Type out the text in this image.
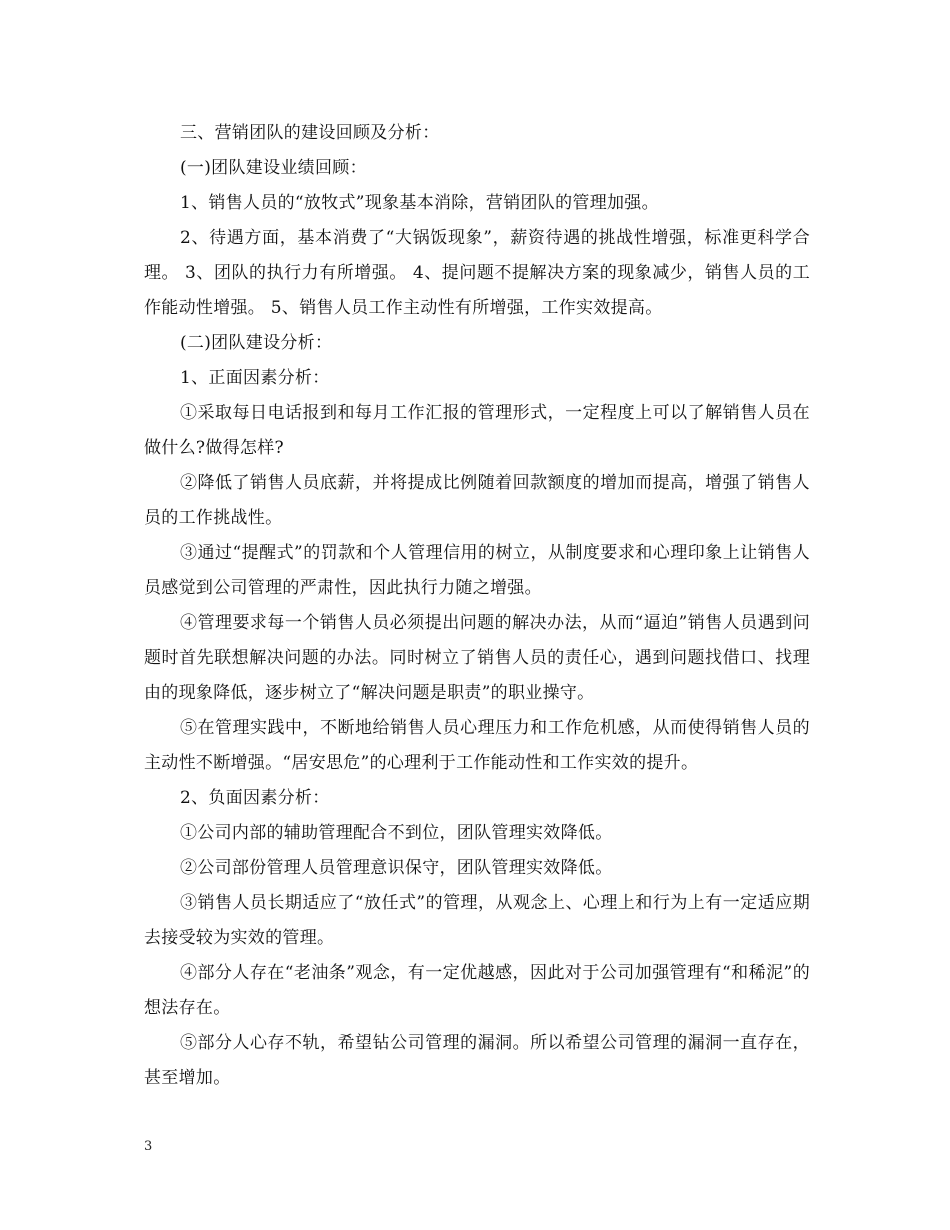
三、营销团队的建设回顾及分析：

(一)团队建设业绩回顾：

1、销售人员的“放牧式”现象基本消除，营销团队的管理加强。

2、待遇方面，基本消费了“大锅饭现象”，薪资待遇的挑战性增强，标准更科学合理。 3、团队的执行力有所增强。 4、提问题不提解决方案的现象减少，销售人员的工作能动性增强。 5、销售人员工作主动性有所增强，工作实效提高。

(二)团队建设分析：

1、正面因素分析：

①采取每日电话报到和每月工作汇报的管理形式，一定程度上可以了解销售人员在做什么?做得怎样?

②降低了销售人员底薪，并将提成比例随着回款额度的增加而提高，增强了销售人员的工作挑战性。

③通过“提醒式”的罚款和个人管理信用的树立，从制度要求和心理印象上让销售人员感觉到公司管理的严肃性，因此执行力随之增强。

④管理要求每一个销售人员必须提出问题的解决办法，从而“逼迫”销售人员遇到问题时首先联想解决问题的办法。同时树立了销售人员的责任心，遇到问题找借口、找理由的现象降低，逐步树立了“解决问题是职责”的职业操守。

⑤在管理实践中，不断地给销售人员心理压力和工作危机感，从而使得销售人员的主动性不断增强。“居安思危”的心理利于工作能动性和工作实效的提升。

2、负面因素分析：

①公司内部的辅助管理配合不到位，团队管理实效降低。

②公司部份管理人员管理意识保守，团队管理实效降低。

③销售人员长期适应了“放任式”的管理，从观念上、心理上和行为上有一定适应期去接受较为实效的管理。

④部分人存在“老油条”观念，有一定优越感，因此对于公司加强管理有“和稀泥”的想法存在。

⑤部分人心存不轨，希望钻公司管理的漏洞。所以希望公司管理的漏洞一直存在，甚至增加。

3
